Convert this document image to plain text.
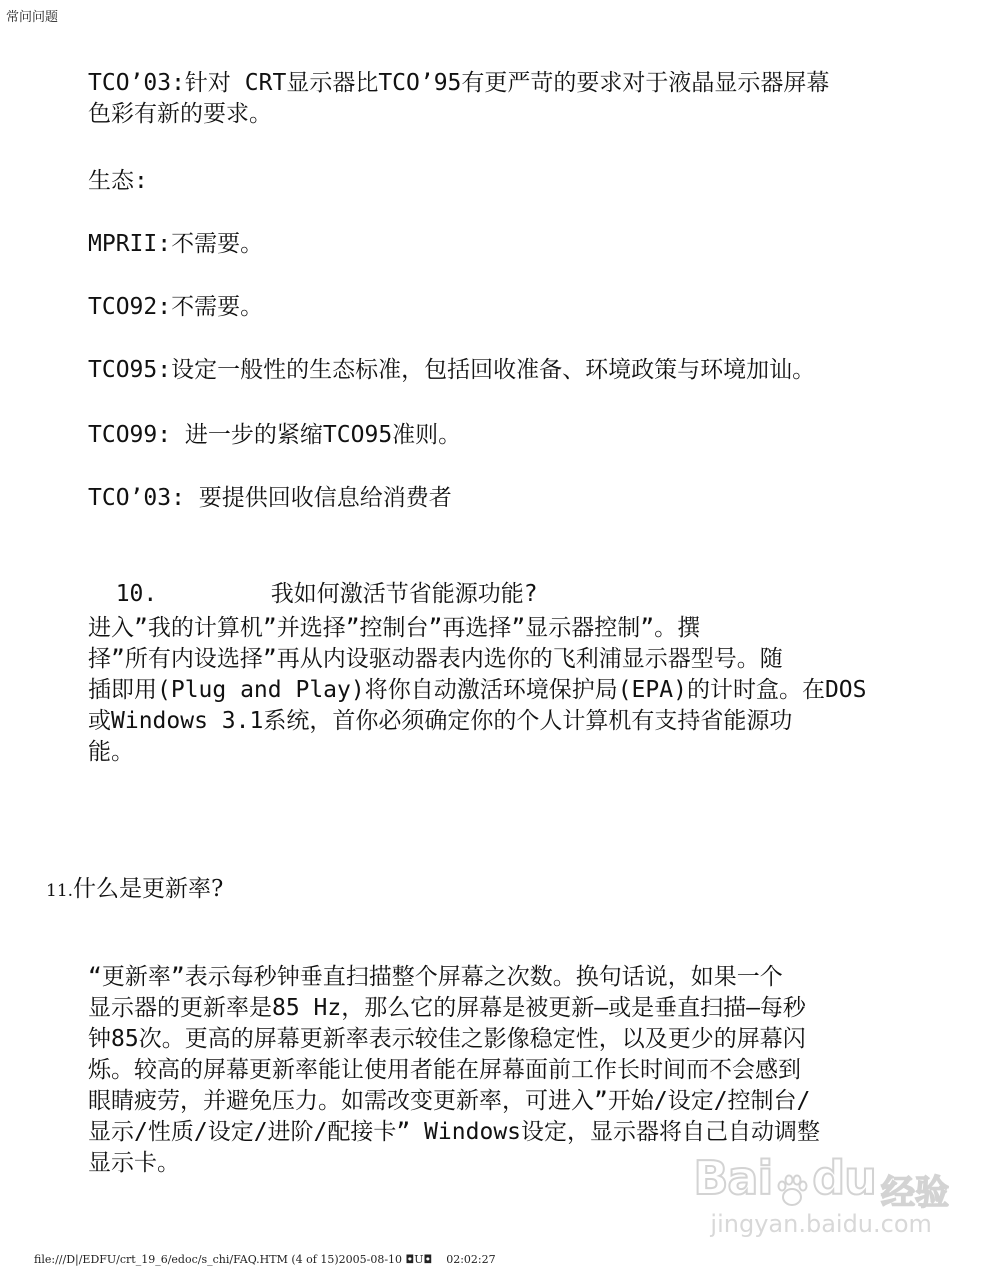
常问问题

TCO’03:针对 CRT显示器比TCO’95有更严苛的要求对于液晶显示器屏幕
色彩有新的要求。

生态:

MPRII:不需要。

TCO92:不需要。

TCO95:设定一般性的生态标准，包括回收准备、环境政策与环境加讪。

TCO99: 进一步的紧缩TCO95准则。

TCO’03: 要提供回收信息给消费者

10.	我如何激活节省能源功能?

进入”我的计算机”并选择”控制台”再选择”显示器控制”。撰
择”所有内设选择”再从内设驱动器表内选你的飞利浦显示器型号。随
插即用(Plug and Play)将你自动激活环境保护局(EPA)的计时盒。在DOS
或Windows 3.1系统，首你必须确定你的个人计算机有支持省能源功
能。

11.什么是更新率?

“更新率”表示每秒钟垂直扫描整个屏幕之次数。换句话说，如果一个
显示器的更新率是85 Hz，那么它的屏幕是被更新—或是垂直扫描—每秒
钟85次。更高的屏幕更新率表示较佳之影像稳定性，以及更少的屏幕闪
烁。较高的屏幕更新率能让使用者能在屏幕面前工作长时间而不会感到
眼睛疲劳，并避免压力。如需改变更新率，可进入”开始/设定/控制台/
显示/性质/设定/进阶/配接卡” Windows设定，显示器将自己自动调整
显示卡。	Bai du 经验
jingyan.baidu.com
file:///D|/EDFU/crt_19_6/edoc/s_chi/FAQ.HTM (4 of 15)2005-08-10 ◘U◘    02:02:27
